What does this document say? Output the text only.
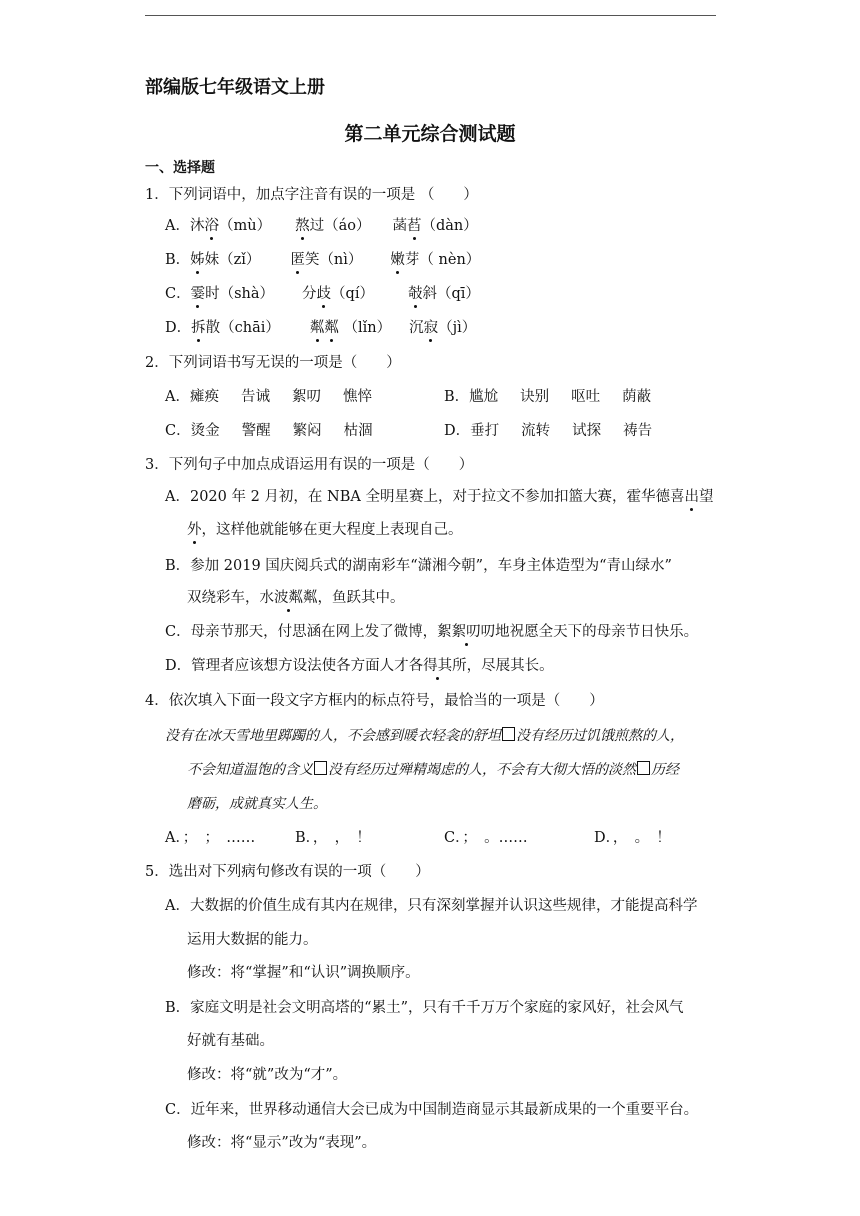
部编版七年级语文上册
第二单元综合测试题
一、选择题
1．下列词语中，加点字注音有误的一项是 （　　）
A．沐浴（mù） 熬过（áo） 菡萏（dàn）
B．姊妹（zǐ） 匿笑（nì） 嫩芽（ nèn）
C．霎时（shà） 分歧（qí） 攲斜（qī）
D．拆散（chāi） 粼粼 （lǐn） 沉寂（jì）
2．下列词语书写无误的一项是（　　）
A．瘫痪 告诫 絮叨 憔悴	B．尴尬 诀别 呕吐 荫蔽
C．烫金 警醒 繁闷 枯涸	D．垂打 流转 试探 祷告
3．下列句子中加点成语运用有误的一项是（　　）
A．2020 年 2 月初，在 NBA 全明星赛上，对于拉文不参加扣篮大赛，霍华德喜出望
外，这样他就能够在更大程度上表现自己。
B．参加 2019 国庆阅兵式的湖南彩车“潇湘今朝”，车身主体造型为“青山绿水”
双绕彩车，水波粼粼，鱼跃其中。
C．母亲节那天，付思涵在网上发了微博，絮絮叨叨地祝愿全天下的母亲节日快乐。
D．管理者应该想方设法使各方面人才各得其所，尽展其长。
4．依次填入下面一段文字方框内的标点符号，最恰当的一项是（　　）
没有在冰天雪地里踯躅的人，不会感到暖衣轻衾的舒坦 没有经历过饥饿煎熬的人，
不会知道温饱的含义 没有经历过殚精竭虑的人，不会有大彻大悟的淡然 历经
磨砺，成就真实人生。
A．；　；　……	B．，　，　！	C．；　。……	D．，　。　！
5．选出对下列病句修改有误的一项（　　）
A．大数据的价值生成有其内在规律，只有深刻掌握并认识这些规律，才能提高科学
运用大数据的能力。
修改：将“掌握”和“认识”调换顺序。
B．家庭文明是社会文明高塔的“累土”，只有千千万万个家庭的家风好，社会风气
好就有基础。
修改：将“就”改为“才”。
C．近年来，世界移动通信大会已成为中国制造商显示其最新成果的一个重要平台。
修改：将“显示”改为“表现”。
